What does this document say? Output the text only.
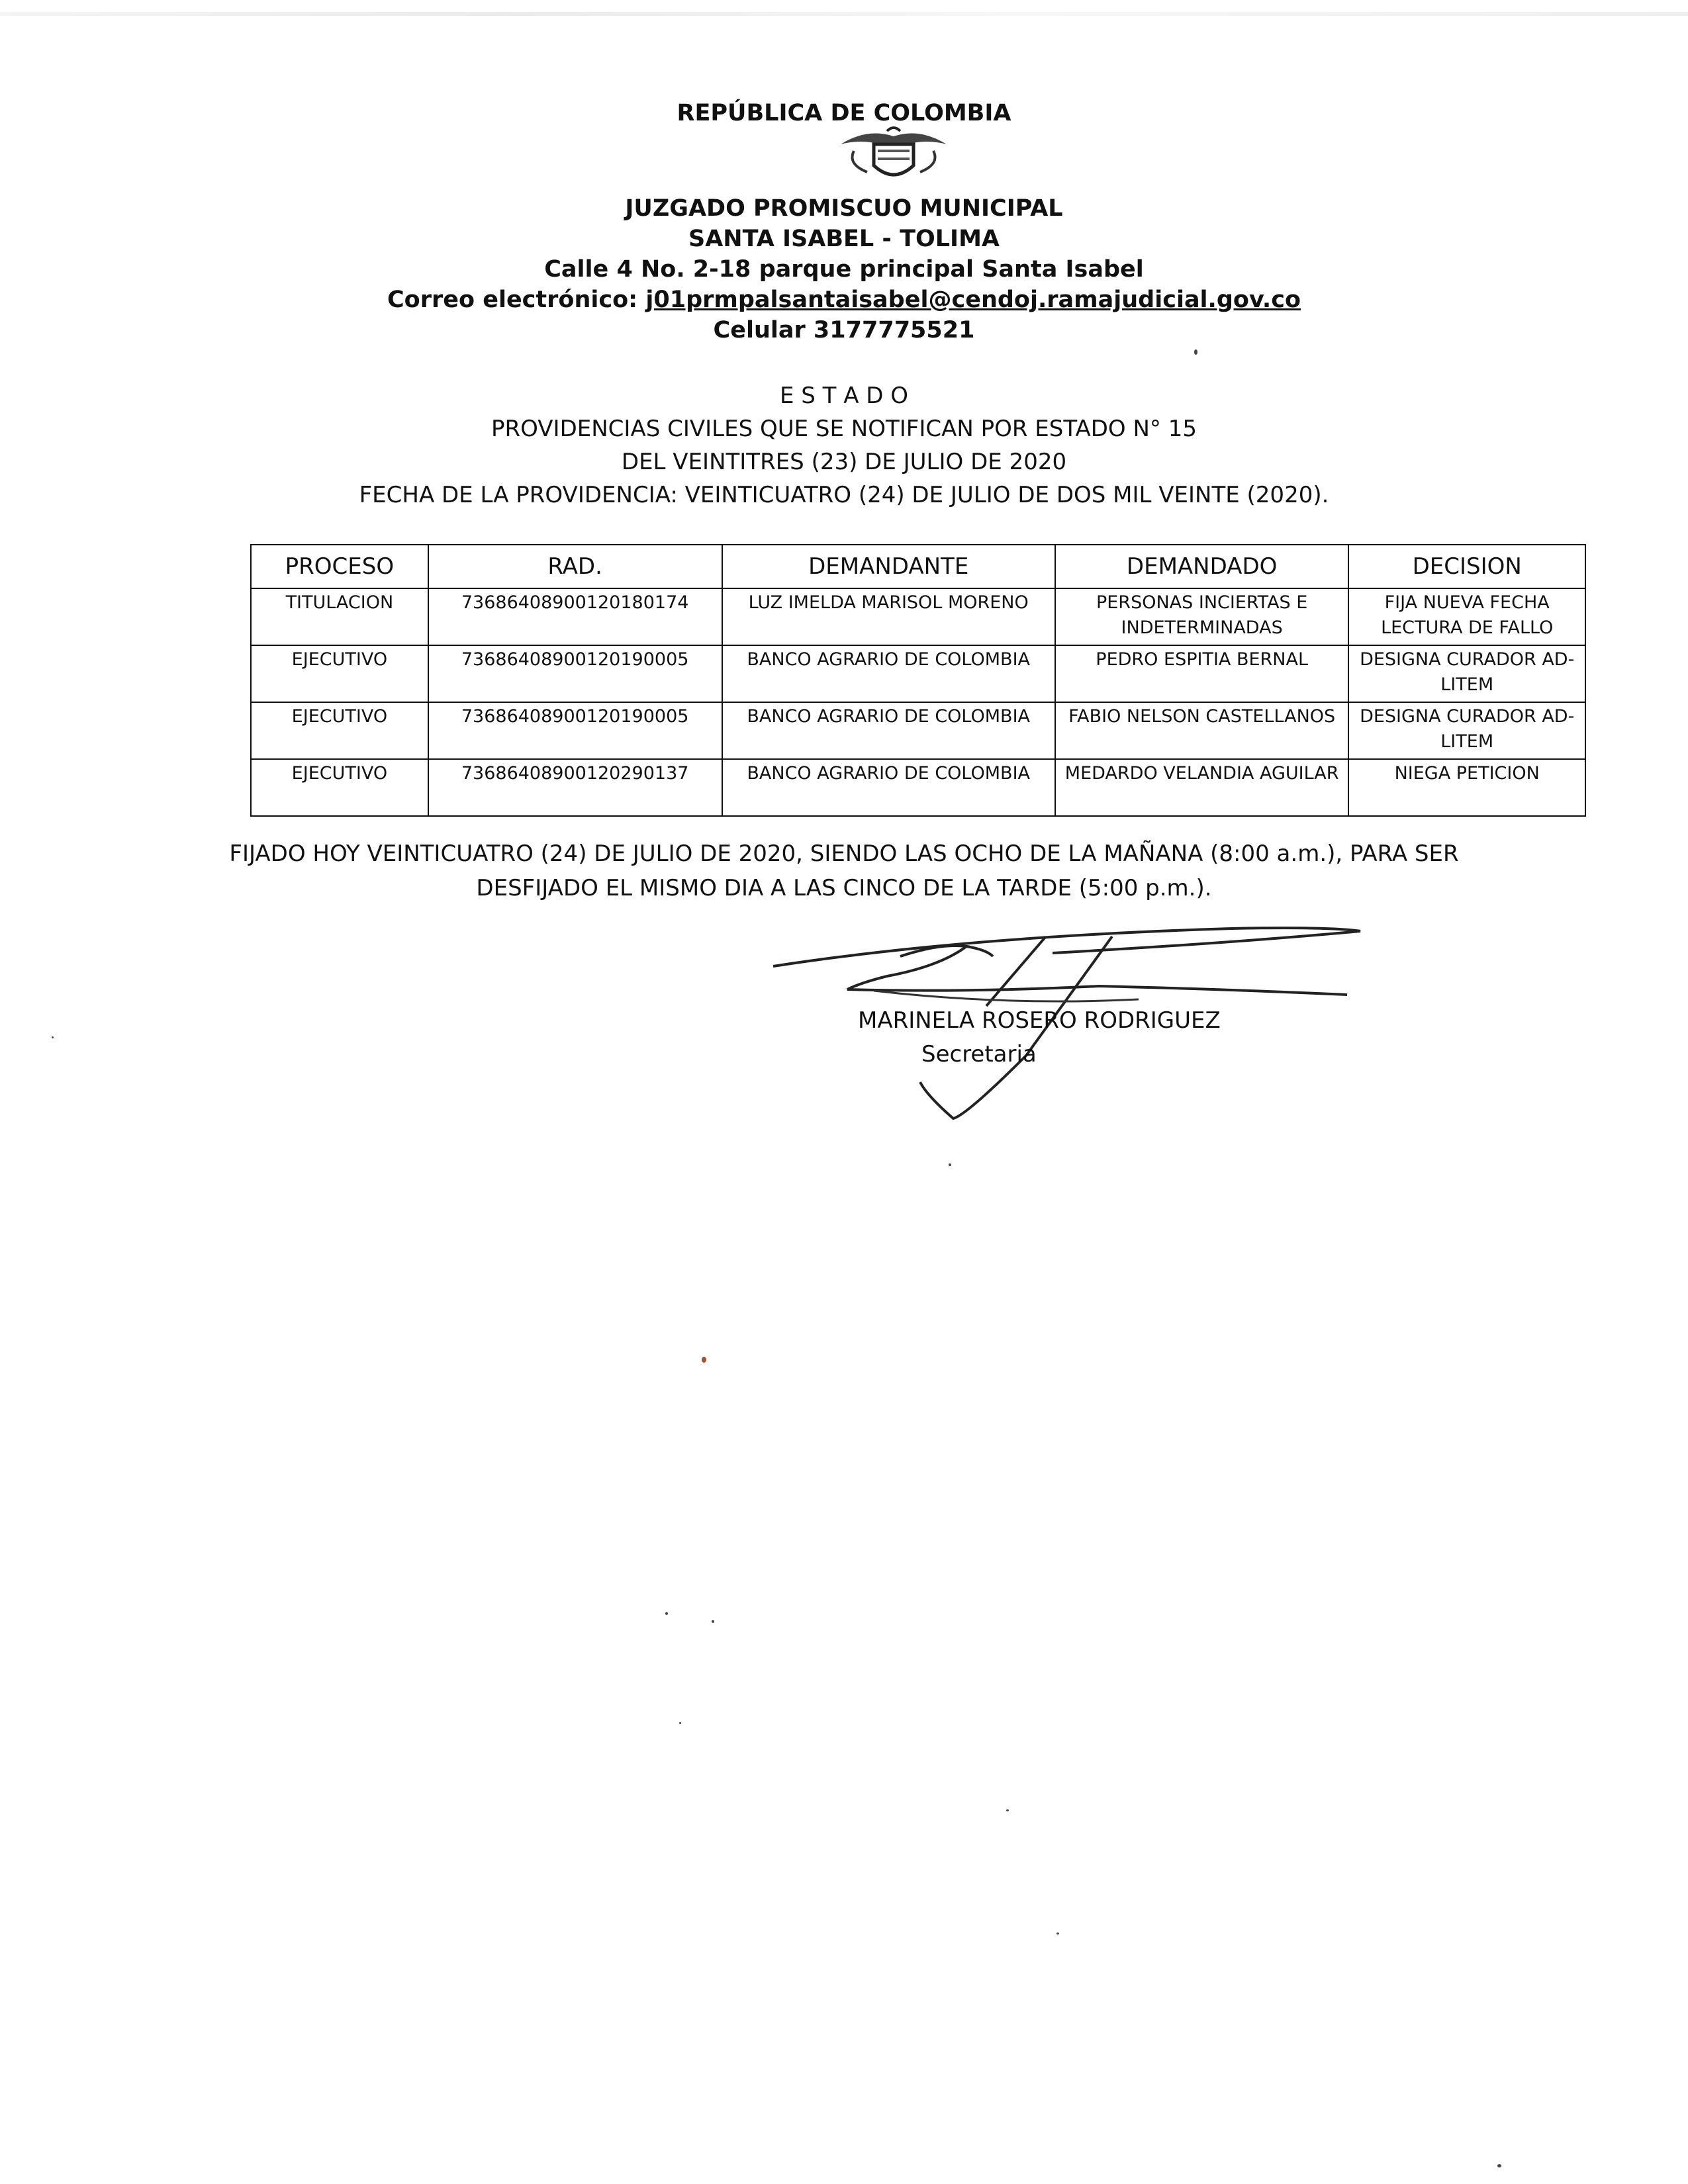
REPÚBLICA DE COLOMBIA
JUZGADO PROMISCUO MUNICIPAL
SANTA ISABEL - TOLIMA
Calle 4 No. 2-18 parque principal Santa Isabel
Correo electrónico: j01prmpalsantaisabel@cendoj.ramajudicial.gov.co
Celular 3177775521
E S T A D O
PROVIDENCIAS CIVILES QUE SE NOTIFICAN POR ESTADO N° 15
DEL VEINTITRES (23) DE JULIO DE 2020
FECHA DE LA PROVIDENCIA: VEINTICUATRO (24) DE JULIO DE DOS MIL VEINTE (2020).
PROCESO	RAD.	DEMANDANTE	DEMANDADO	DECISION
TITULACION	73686408900120180174	LUZ IMELDA MARISOL MORENO	PERSONAS INCIERTAS E INDETERMINADAS	FIJA NUEVA FECHA LECTURA DE FALLO
EJECUTIVO	73686408900120190005	BANCO AGRARIO DE COLOMBIA	PEDRO ESPITIA BERNAL	DESIGNA CURADOR AD-LITEM
EJECUTIVO	73686408900120190005	BANCO AGRARIO DE COLOMBIA	FABIO NELSON CASTELLANOS	DESIGNA CURADOR AD-LITEM
EJECUTIVO	73686408900120290137	BANCO AGRARIO DE COLOMBIA	MEDARDO VELANDIA AGUILAR	NIEGA PETICION
FIJADO HOY VEINTICUATRO (24) DE JULIO DE 2020, SIENDO LAS OCHO DE LA MAÑANA (8:00 a.m.), PARA SER
DESFIJADO EL MISMO DIA A LAS CINCO DE LA TARDE (5:00 p.m.).
MARINELA ROSERO RODRIGUEZ
Secretaria
